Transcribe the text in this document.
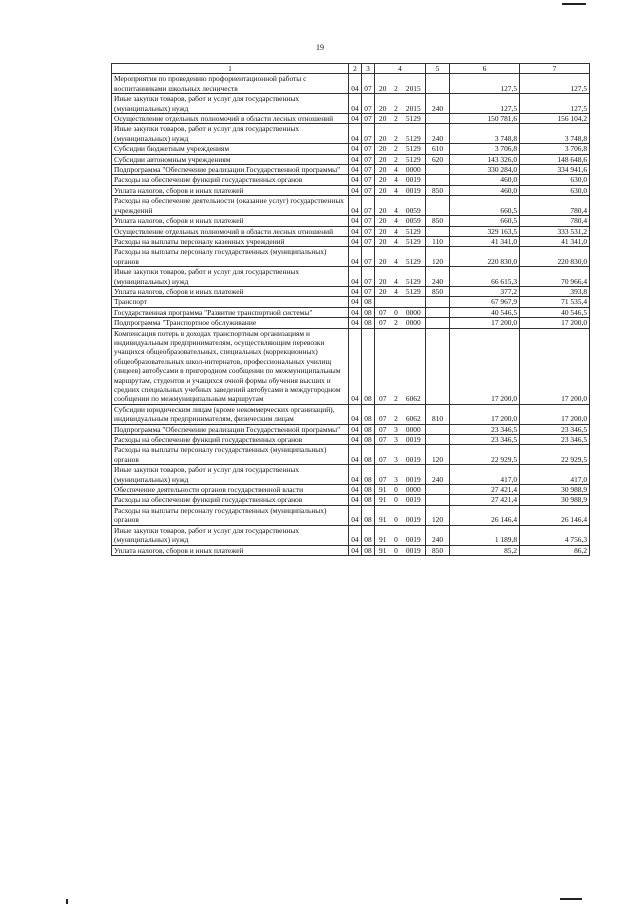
19
1	2	3	4			5	6	7
Мероприятия по проведению профориентационной работы с воспитанниками школьных лесничеств	04	07	20	2	2015		127,5	127,5
Иные закупки товаров, работ и услуг для государственных (муниципальных) нужд	04	07	20	2	2015	240	127,5	127,5
Осуществление отдельных полномочий в области лесных отношений	04	07	20	2	5129		150 781,6	156 104,2
Иные закупки товаров, работ и услуг для государственных (муниципальных) нужд	04	07	20	2	5129	240	3 748,8	3 748,8
Субсидии бюджетным учреждениям	04	07	20	2	5129	610	3 706,8	3 706,8
Субсидии автономным учреждениям	04	07	20	2	5129	620	143 326,0	148 648,6
Подпрограмма "Обеспечение реализации Государственной программы"	04	07	20	4	0000		330 284,0	334 941,6
Расходы на обеспечение функций государственных органов	04	07	20	4	0019		460,0	630,0
Уплата налогов, сборов и иных платежей	04	07	20	4	0019	850	460,0	630,0
Расходы на обеспечение деятельности (оказание услуг) государственных учреждений	04	07	20	4	0059		660,5	780,4
Уплата налогов, сборов и иных платежей	04	07	20	4	0059	850	660,5	780,4
Осуществление отдельных полномочий в области лесных отношений	04	07	20	4	5129		329 163,5	333 531,2
Расходы на выплаты персоналу казенных учреждений	04	07	20	4	5129	110	41 341,0	41 341,0
Расходы на выплаты персоналу государственных (муниципальных) органов	04	07	20	4	5129	120	220 830,0	220 830,0
Иные закупки товаров, работ и услуг для государственных (муниципальных) нужд	04	07	20	4	5129	240	66 615,3	70 966,4
Уплата налогов, сборов и иных платежей	04	07	20	4	5129	850	377,2	393,8
Транспорт	04	08					67 967,9	71 535,4
Государственная программа "Развитие транспортной системы"	04	08	07	0	0000		40 546,5	40 546,5
Подпрограмма "Транспортное обслуживание	04	08	07	2	0000		17 200,0	17 200,0
Компенсация потерь в доходах транспортным организациям и индивидуальным предпринимателям, осуществляющим перевозки учащихся общеобразовательных, специальных (коррекционных) общеобразовательных школ-интернатов, профессиональных училищ (лицеев) автобусами в пригородном сообщении по межмуниципальным маршрутам, студентов и учащихся очной формы обучения высших и средних специальных учебных заведений автобусами в междугородном сообщении по межмуниципальным маршрутам	04	08	07	2	6062		17 200,0	17 200,0
Субсидии юридическим лицам (кроме некоммерческих организаций), индивидуальным предпринимателям, физическим лицам	04	08	07	2	6062	810	17 200,0	17 200,0
Подпрограмма "Обеспечение реализации Государственной программы"	04	08	07	3	0000		23 346,5	23 346,5
Расходы на обеспечение функций государственных органов	04	08	07	3	0019		23 346,5	23 346,5
Расходы на выплаты персоналу государственных (муниципальных) органов	04	08	07	3	0019	120	22 929,5	22 929,5
Иные закупки товаров, работ и услуг для государственных (муниципальных) нужд	04	08	07	3	0019	240	417,0	417,0
Обеспечение деятельности органов государственной власти	04	08	91	0	0000		27 421,4	30 988,9
Расходы на обеспечение функций государственных органов	04	08	91	0	0019		27 421,4	30 988,9
Расходы на выплаты персоналу государственных (муниципальных) органов	04	08	91	0	0019	120	26 146,4	26 146,4
Иные закупки товаров, работ и услуг для государственных (муниципальных) нужд	04	08	91	0	0019	240	1 189,8	4 756,3
Уплата налогов, сборов и иных платежей	04	08	91	0	0019	850	85,2	86,2
